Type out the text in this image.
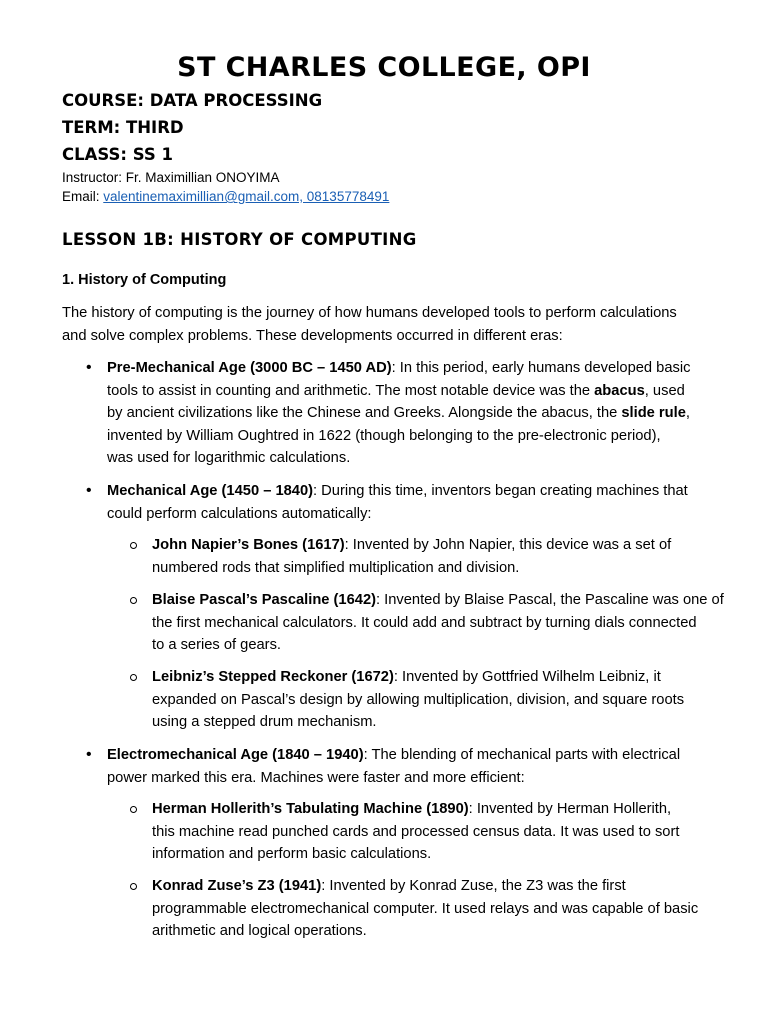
ST CHARLES COLLEGE, OPI
COURSE: DATA PROCESSING
TERM: THIRD
CLASS: SS 1
Instructor: Fr. Maximillian ONOYIMA
Email: valentinemaximillian@gmail.com, 08135778491
LESSON 1B: HISTORY OF COMPUTING
1. History of Computing
The history of computing is the journey of how humans developed tools to perform calculations
and solve complex problems. These developments occurred in different eras:
• Pre-Mechanical Age (3000 BC – 1450 AD): In this period, early humans developed basic
tools to assist in counting and arithmetic. The most notable device was the abacus, used
by ancient civilizations like the Chinese and Greeks. Alongside the abacus, the slide rule,
invented by William Oughtred in 1622 (though belonging to the pre-electronic period),
was used for logarithmic calculations.
• Mechanical Age (1450 – 1840): During this time, inventors began creating machines that
could perform calculations automatically:
John Napier’s Bones (1617): Invented by John Napier, this device was a set of
numbered rods that simplified multiplication and division.
Blaise Pascal’s Pascaline (1642): Invented by Blaise Pascal, the Pascaline was one of
the first mechanical calculators. It could add and subtract by turning dials connected
to a series of gears.
Leibniz’s Stepped Reckoner (1672): Invented by Gottfried Wilhelm Leibniz, it
expanded on Pascal’s design by allowing multiplication, division, and square roots
using a stepped drum mechanism.
• Electromechanical Age (1840 – 1940): The blending of mechanical parts with electrical
power marked this era. Machines were faster and more efficient:
Herman Hollerith’s Tabulating Machine (1890): Invented by Herman Hollerith,
this machine read punched cards and processed census data. It was used to sort
information and perform basic calculations.
Konrad Zuse’s Z3 (1941): Invented by Konrad Zuse, the Z3 was the first
programmable electromechanical computer. It used relays and was capable of basic
arithmetic and logical operations.
